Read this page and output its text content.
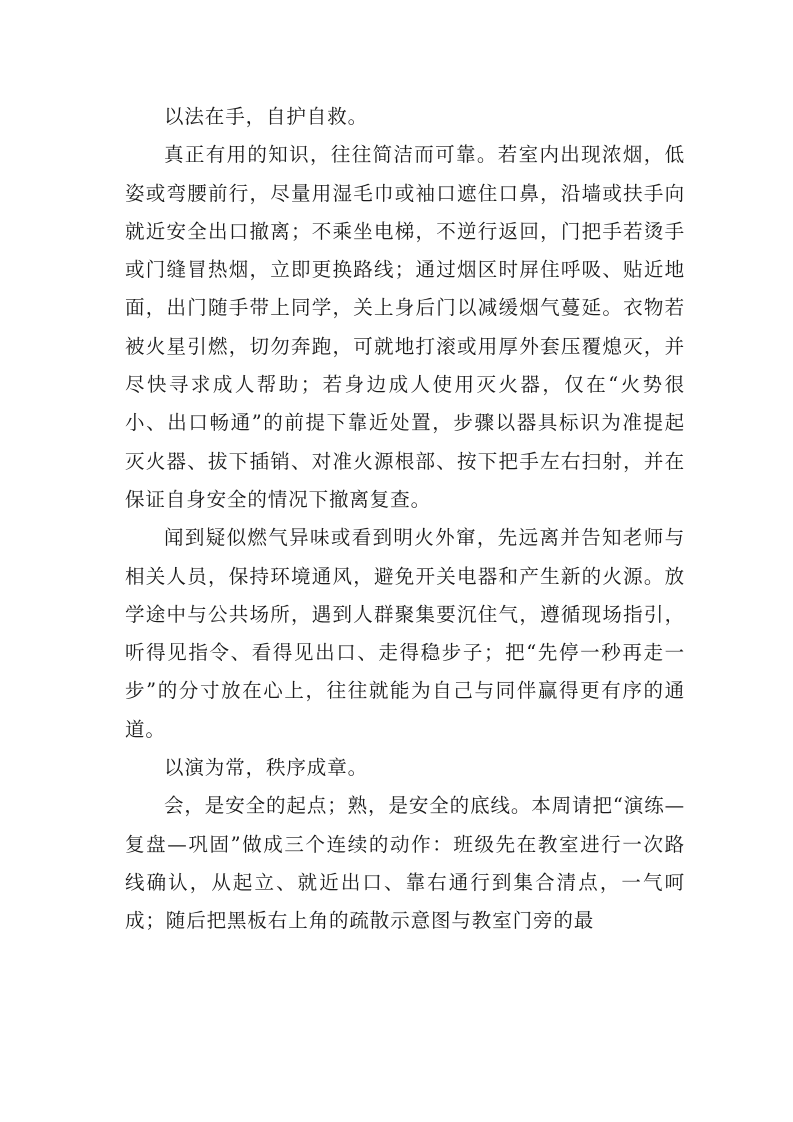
以法在手，自护自救。

真正有用的知识，往往简洁而可靠。若室内出现浓烟，低姿或弯腰前行，尽量用湿毛巾或袖口遮住口鼻，沿墙或扶手向就近安全出口撤离；不乘坐电梯，不逆行返回，门把手若烫手或门缝冒热烟，立即更换路线；通过烟区时屏住呼吸、贴近地面，出门随手带上同学，关上身后门以减缓烟气蔓延。衣物若被火星引燃，切勿奔跑，可就地打滚或用厚外套压覆熄灭，并尽快寻求成人帮助；若身边成人使用灭火器，仅在“火势很小、出口畅通”的前提下靠近处置，步骤以器具标识为准提起灭火器、拔下插销、对准火源根部、按下把手左右扫射，并在保证自身安全的情况下撤离复查。

闻到疑似燃气异味或看到明火外窜，先远离并告知老师与相关人员，保持环境通风，避免开关电器和产生新的火源。放学途中与公共场所，遇到人群聚集要沉住气，遵循现场指引，听得见指令、看得见出口、走得稳步子；把“先停一秒再走一步”的分寸放在心上，往往就能为自己与同伴赢得更有序的通道。

以演为常，秩序成章。

会，是安全的起点；熟，是安全的底线。本周请把“演练—复盘—巩固”做成三个连续的动作：班级先在教室进行一次路线确认，从起立、就近出口、靠右通行到集合清点，一气呵成；随后把黑板右上角的疏散示意图与教室门旁的最
